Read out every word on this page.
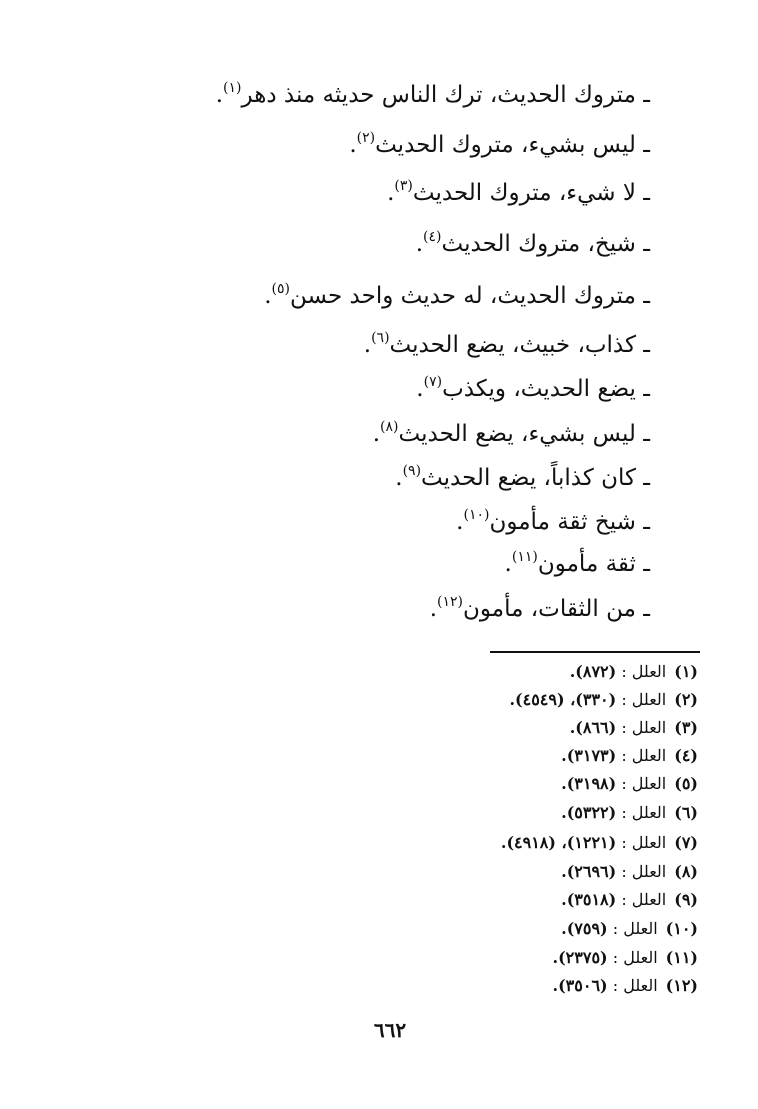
ـ متروك الحديث، ترك الناس حديثه منذ دهر$^{(١)}$.
ـ ليس بشيء، متروك الحديث$^{(٢)}$.
ـ لا شيء، متروك الحديث$^{(٣)}$.
ـ شيخ، متروك الحديث$^{(٤)}$.
ـ متروك الحديث، له حديث واحد حسن$^{(٥)}$.
ـ كذاب، خبيث، يضع الحديث$^{(٦)}$.
ـ يضع الحديث، ويكذب$^{(٧)}$.
ـ ليس بشيء، يضع الحديث$^{(٨)}$.
ـ كان كذاباً، يضع الحديث$^{(٩)}$.
ـ شيخ ثقة مأمون$^{(١٠)}$.
ـ ثقة مأمون$^{(١١)}$.
ـ من الثقات، مأمون$^{(١٢)}$.
(١)العلل : (٨٧٢).
(٢)العلل : (٣٣٠)، (٤٥٤٩).
(٣)العلل : (٨٦٦).
(٤)العلل : (٣١٧٣).
(٥)العلل : (٣١٩٨).
(٦)العلل : (٥٣٢٢).
(٧)العلل : (١٢٢١)، (٤٩١٨).
(٨)العلل : (٢٦٩٦).
(٩)العلل : (٣٥١٨).
(١٠)العلل : (٧٥٩).
(١١)العلل : (٢٣٧٥).
(١٢)العلل : (٣٥٠٦).
٦٦٢
